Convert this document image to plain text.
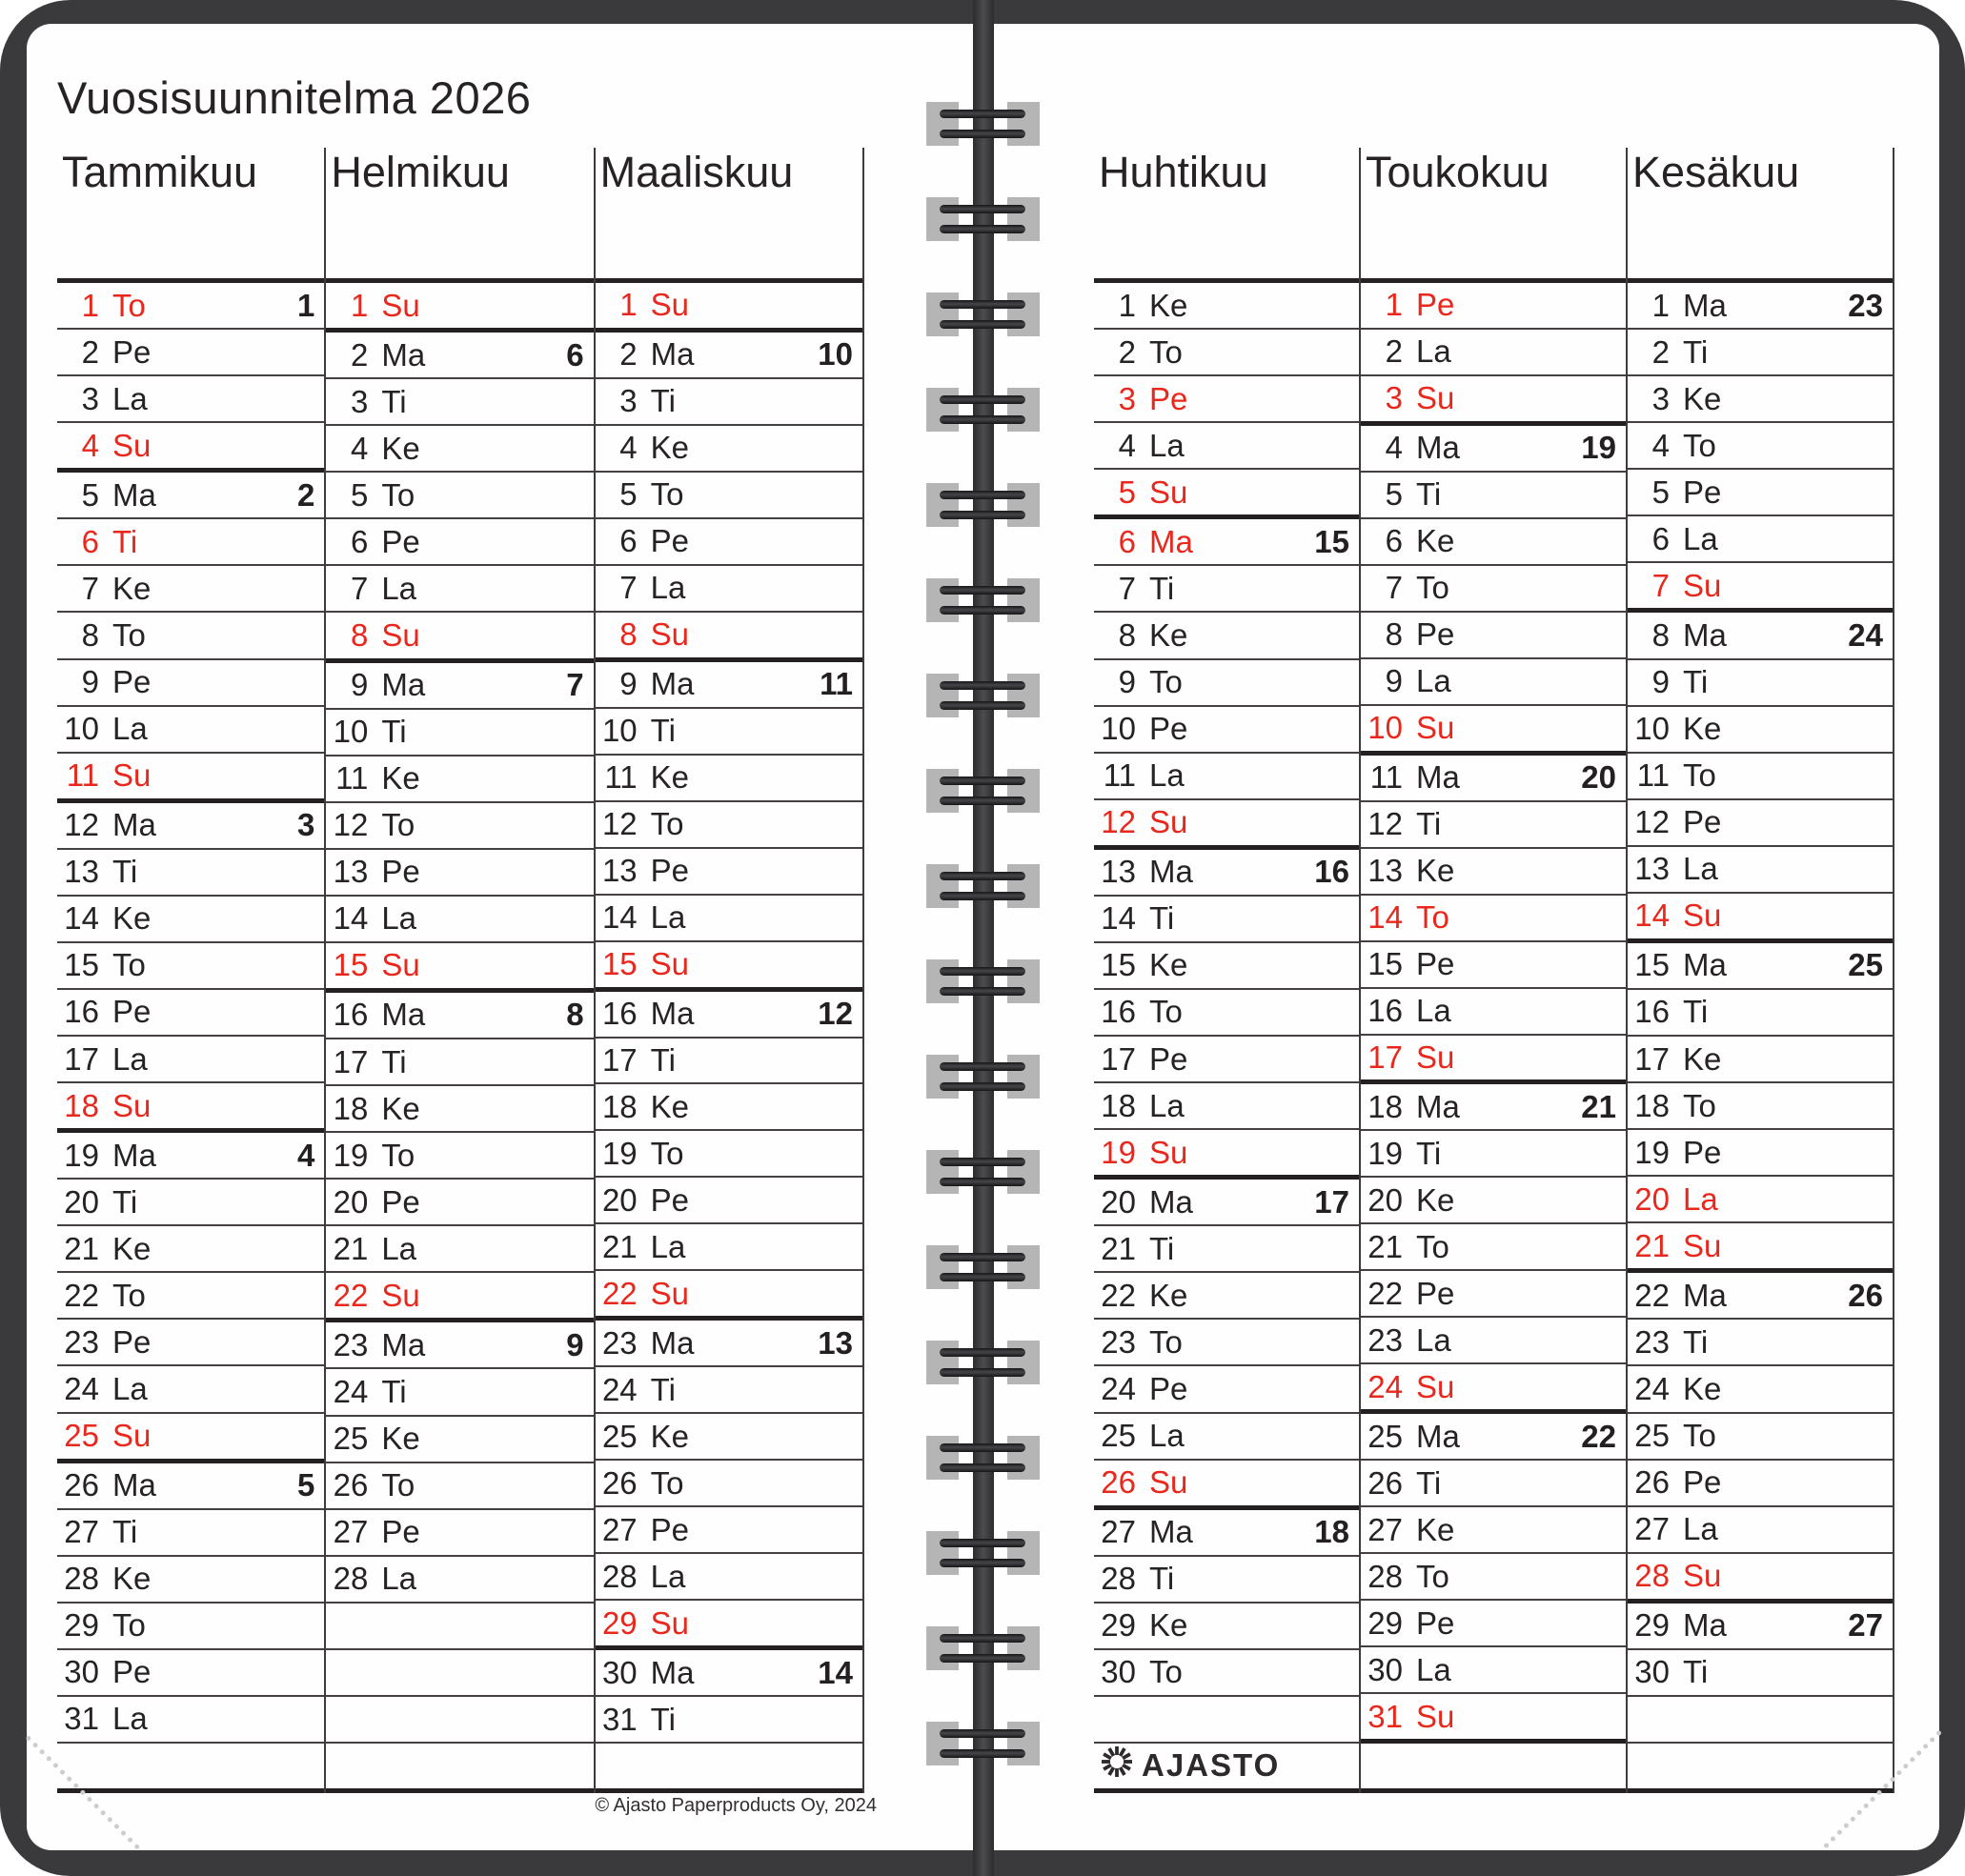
Vuosisuunnitelma 2026
Tammikuu
1 To	1
2 Pe
3 La
4 Su
5 Ma	2
6 Ti
7 Ke
8 To
9 Pe
10 La
11 Su
12 Ma	3
13 Ti
14 Ke
15 To
16 Pe
17 La
18 Su
19 Ma	4
20 Ti
21 Ke
22 To
23 Pe
24 La
25 Su
26 Ma	5
27 Ti
28 Ke
29 To
30 Pe
31 La
Helmikuu
1 Su
2 Ma	6
3 Ti
4 Ke
5 To
6 Pe
7 La
8 Su
9 Ma	7
10 Ti
11 Ke
12 To
13 Pe
14 La
15 Su
16 Ma	8
17 Ti
18 Ke
19 To
20 Pe
21 La
22 Su
23 Ma	9
24 Ti
25 Ke
26 To
27 Pe
28 La
Maaliskuu
1 Su
2 Ma	10
3 Ti
4 Ke
5 To
6 Pe
7 La
8 Su
9 Ma	11
10 Ti
11 Ke
12 To
13 Pe
14 La
15 Su
16 Ma	12
17 Ti
18 Ke
19 To
20 Pe
21 La
22 Su
23 Ma	13
24 Ti
25 Ke
26 To
27 Pe
28 La
29 Su
30 Ma	14
31 Ti
Huhtikuu
1 Ke
2 To
3 Pe
4 La
5 Su
6 Ma	15
7 Ti
8 Ke
9 To
10 Pe
11 La
12 Su
13 Ma	16
14 Ti
15 Ke
16 To
17 Pe
18 La
19 Su
20 Ma	17
21 Ti
22 Ke
23 To
24 Pe
25 La
26 Su
27 Ma	18
28 Ti
29 Ke
30 To
AJASTO
Toukokuu
1 Pe
2 La
3 Su
4 Ma	19
5 Ti
6 Ke
7 To
8 Pe
9 La
10 Su
11 Ma	20
12 Ti
13 Ke
14 To
15 Pe
16 La
17 Su
18 Ma	21
19 Ti
20 Ke
21 To
22 Pe
23 La
24 Su
25 Ma	22
26 Ti
27 Ke
28 To
29 Pe
30 La
31 Su
Kesäkuu
1 Ma	23
2 Ti
3 Ke
4 To
5 Pe
6 La
7 Su
8 Ma	24
9 Ti
10 Ke
11 To
12 Pe
13 La
14 Su
15 Ma	25
16 Ti
17 Ke
18 To
19 Pe
20 La
21 Su
22 Ma	26
23 Ti
24 Ke
25 To
26 Pe
27 La
28 Su
29 Ma	27
30 Ti
© Ajasto Paperproducts Oy, 2024
